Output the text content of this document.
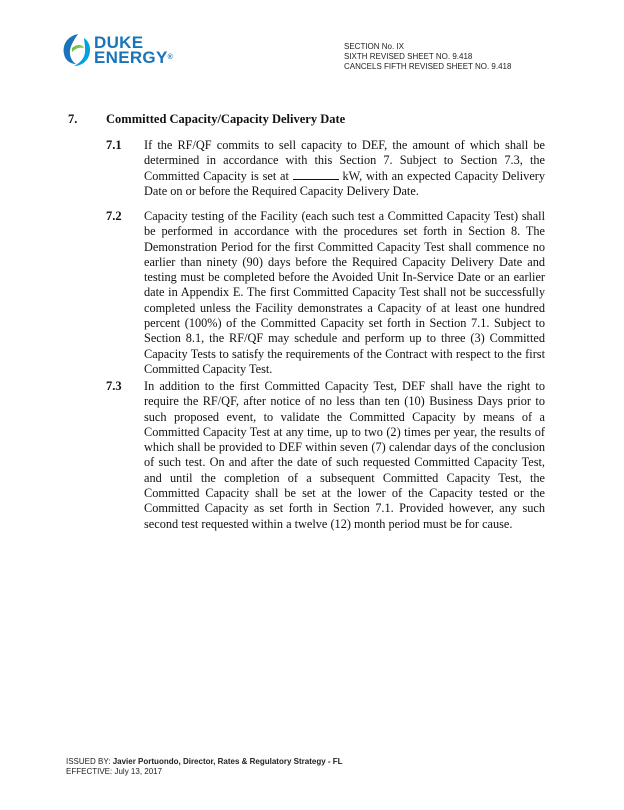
DUKE
ENERGY®
SECTION No. IX
SIXTH REVISED SHEET NO. 9.418
CANCELS FIFTH REVISED SHEET NO. 9.418
7. Committed Capacity/Capacity Delivery Date
7.1 If the RF/QF commits to sell capacity to DEF, the amount of which shall be determined in accordance with this Section 7. Subject to Section 7.3, the Committed Capacity is set at	kW, with an expected Capacity Delivery Date on or before the Required Capacity Delivery Date.
7.2 Capacity testing of the Facility (each such test a Committed Capacity Test) shall be performed in accordance with the procedures set forth in Section 8. The Demonstration Period for the first Committed Capacity Test shall commence no earlier than ninety (90) days before the Required Capacity Delivery Date and testing must be completed before the Avoided Unit In-Service Date or an earlier date in Appendix E. The first Committed Capacity Test shall not be successfully completed unless the Facility demonstrates a Capacity of at least one hundred percent (100%) of the Committed Capacity set forth in Section 7.1. Subject to Section 8.1, the RF/QF may schedule and perform up to three (3) Committed Capacity Tests to satisfy the requirements of the Contract with respect to the first Committed Capacity Test.
7.3 In addition to the first Committed Capacity Test, DEF shall have the right to require the RF/QF, after notice of no less than ten (10) Business Days prior to such proposed event, to validate the Committed Capacity by means of a Committed Capacity Test at any time, up to two (2) times per year, the results of which shall be provided to DEF within seven (7) calendar days of the conclusion of such test. On and after the date of such requested Committed Capacity Test, and until the completion of a subsequent Committed Capacity Test, the Committed Capacity shall be set at the lower of the Capacity tested or the Committed Capacity as set forth in Section 7.1. Provided however, any such second test requested within a twelve (12) month period must be for cause.
ISSUED BY: Javier Portuondo, Director, Rates & Regulatory Strategy - FL
EFFECTIVE: July 13, 2017
